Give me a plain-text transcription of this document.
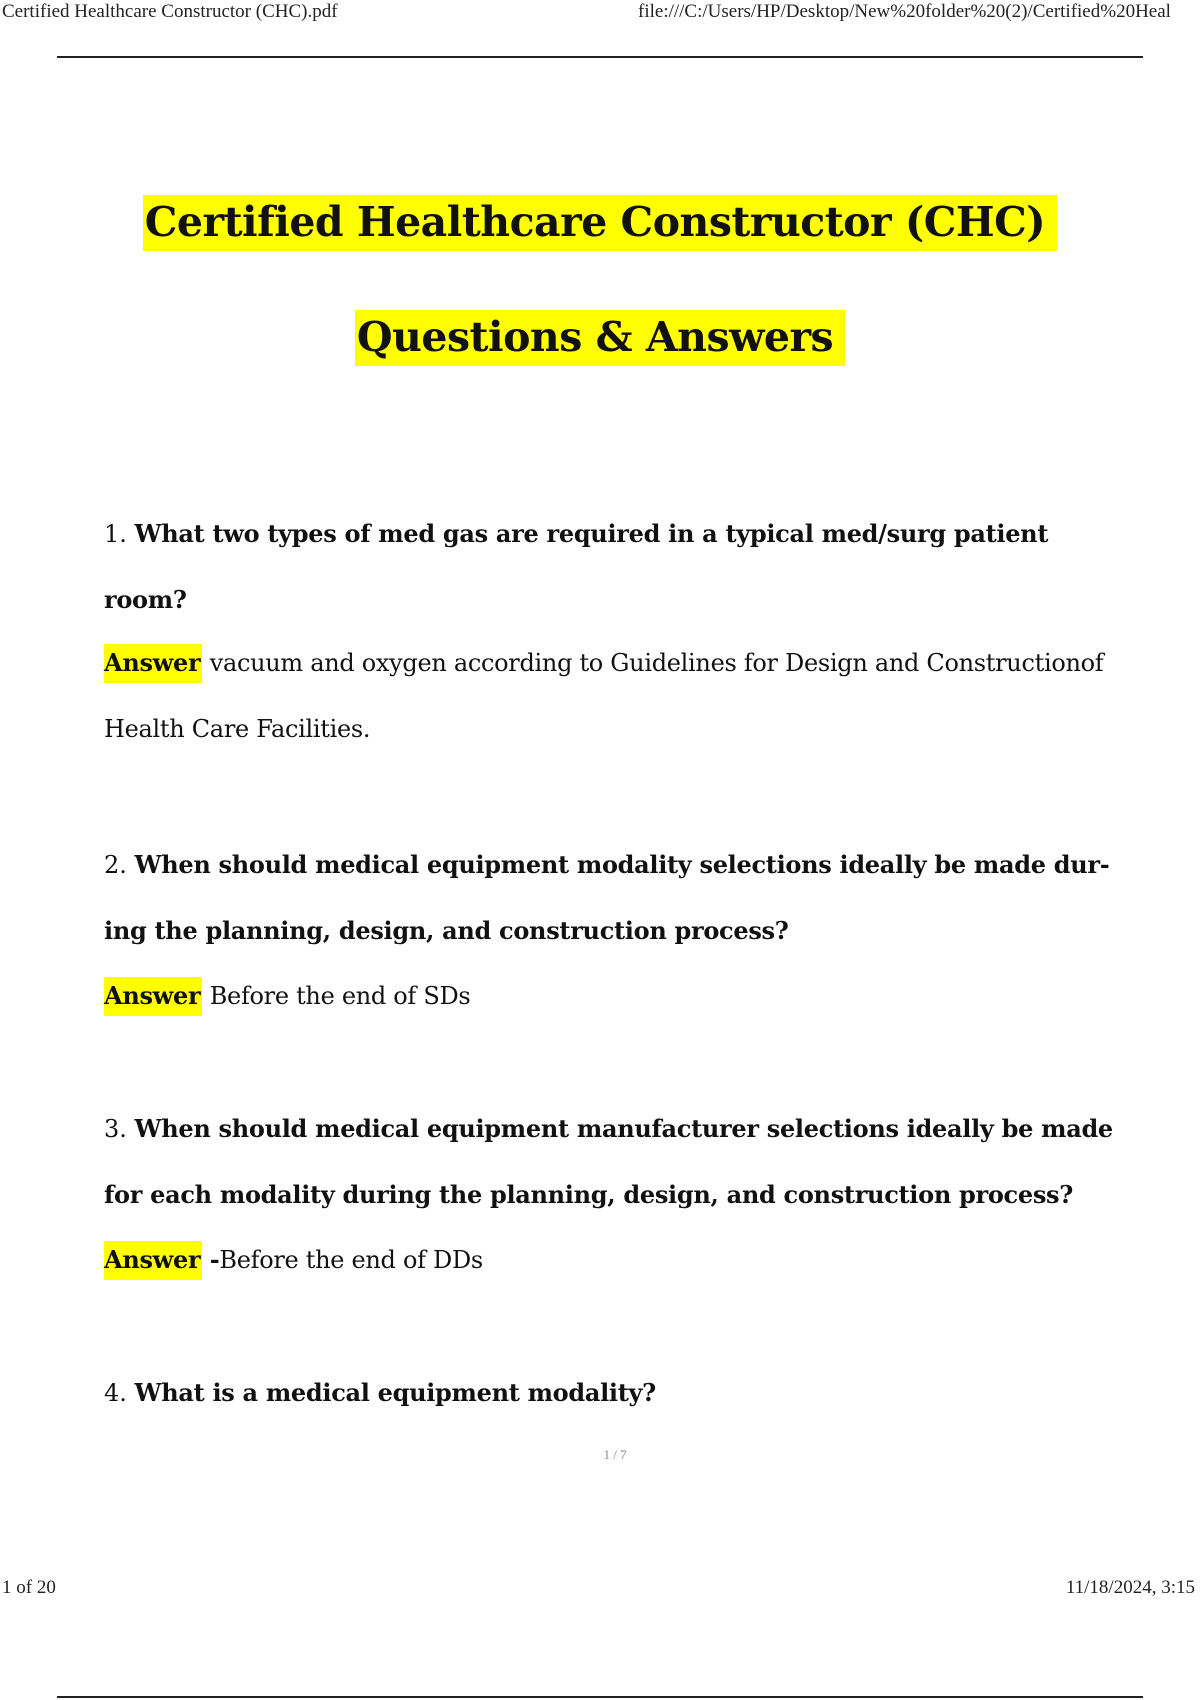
Certified Healthcare Constructor (CHC).pdf	file:///C:/Users/HP/Desktop/New%20folder%20(2)/Certified%20Heal
Certified Healthcare Constructor (CHC)
Questions & Answers
1. What two types of med gas are required in a typical med/surg patient room?
Answer vacuum and oxygen according to Guidelines for Design and Constructionof Health Care Facilities.
2. When should medical equipment modality selections ideally be made dur-ing the planning, design, and construction process?
Answer Before the end of SDs
3. When should medical equipment manufacturer selections ideally be made for each modality during the planning, design, and construction process?
Answer -Before the end of DDs
4. What is a medical equipment modality?
1 / 7
1 of 20	11/18/2024, 3:15
